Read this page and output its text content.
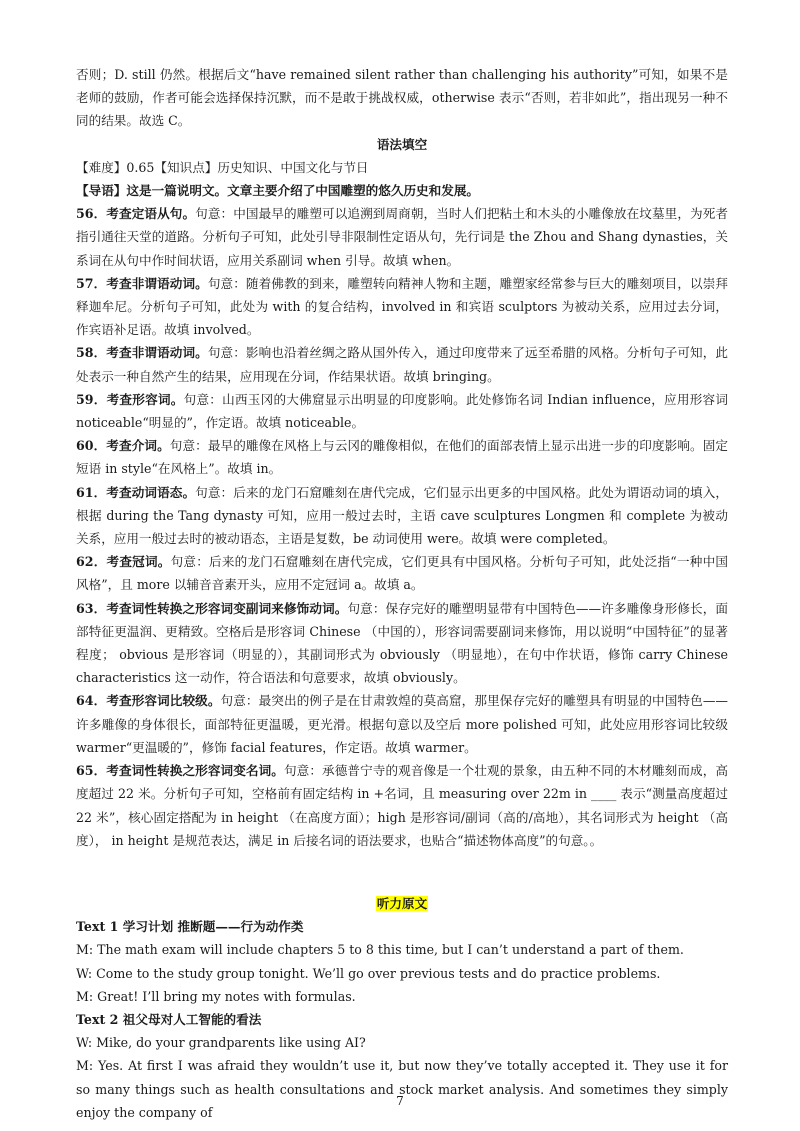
否则；D. still 仍然。根据后文“have remained silent rather than challenging his authority”可知，如果不是老师的鼓励，作者可能会选择保持沉默，而不是敢于挑战权威，otherwise 表示“否则，若非如此”，指出现另一种不同的结果。故选 C。

语法填空

【难度】0.65【知识点】历史知识、中国文化与节日

【导语】这是一篇说明文。文章主要介绍了中国雕塑的悠久历史和发展。

56．考查定语从句。句意：中国最早的雕塑可以追溯到周商朝，当时人们把粘土和木头的小雕像放在坟墓里，为死者指引通往天堂的道路。分析句子可知，此处引导非限制性定语从句，先行词是 the Zhou and Shang dynasties，关系词在从句中作时间状语，应用关系副词 when 引导。故填 when。

57．考查非谓语动词。句意：随着佛教的到来，雕塑转向精神人物和主题，雕塑家经常参与巨大的雕刻项目，以崇拜释迦牟尼。分析句子可知，此处为 with 的复合结构，involved in 和宾语 sculptors 为被动关系，应用过去分词，作宾语补足语。故填 involved。

58．考查非谓语动词。句意：影响也沿着丝绸之路从国外传入，通过印度带来了远至希腊的风格。分析句子可知，此处表示一种自然产生的结果，应用现在分词，作结果状语。故填 bringing。

59．考查形容词。句意：山西玉冈的大佛窟显示出明显的印度影响。此处修饰名词 Indian influence，应用形容词 noticeable“明显的”，作定语。故填 noticeable。

60．考查介词。句意：最早的雕像在风格上与云冈的雕像相似，在他们的面部表情上显示出进一步的印度影响。固定短语 in style“在风格上”。故填 in。

61．考查动词语态。句意：后来的龙门石窟雕刻在唐代完成，它们显示出更多的中国风格。此处为谓语动词的填入，根据 during the Tang dynasty 可知，应用一般过去时，主语 cave sculptures Longmen 和 complete 为被动关系，应用一般过去时的被动语态，主语是复数，be 动词使用 were。故填 were completed。

62．考查冠词。句意：后来的龙门石窟雕刻在唐代完成，它们更具有中国风格。分析句子可知，此处泛指“一种中国风格”，且 more 以辅音音素开头，应用不定冠词 a。故填 a。

63．考查词性转换之形容词变副词来修饰动词。句意：保存完好的雕塑明显带有中国特色——许多雕像身形修长，面部特征更温润、更精致。空格后是形容词 Chinese （中国的），形容词需要副词来修饰，用以说明“中国特征”的显著程度； obvious 是形容词（明显的），其副词形式为 obviously （明显地），在句中作状语，修饰 carry Chinese characteristics 这一动作，符合语法和句意要求，故填 obviously。

64．考查形容词比较级。句意：最突出的例子是在甘肃敦煌的莫高窟，那里保存完好的雕塑具有明显的中国特色——许多雕像的身体很长，面部特征更温暖，更光滑。根据句意以及空后 more polished 可知，此处应用形容词比较级 warmer“更温暖的”，修饰 facial features，作定语。故填 warmer。

65．考查词性转换之形容词变名词。句意：承德普宁寺的观音像是一个壮观的景象，由五种不同的木材雕刻而成，高度超过 22 米。分析句子可知，空格前有固定结构 in +名词，且 measuring over 22m in ____ 表示“测量高度超过 22 米”，核心固定搭配为 in height （在高度方面）；high 是形容词/副词（高的/高地），其名词形式为 height （高度）， in height 是规范表达，满足 in 后接名词的语法要求，也贴合“描述物体高度”的句意。。

听力原文

Text 1 学习计划 推断题——行为动作类

M: The math exam will include chapters 5 to 8 this time, but I can’t understand a part of them.

W: Come to the study group tonight. We’ll go over previous tests and do practice problems.

M: Great! I’ll bring my notes with formulas.

Text 2 祖父母对人工智能的看法

W: Mike, do your grandparents like using AI?

M: Yes. At first I was afraid they wouldn’t use it, but now they’ve totally accepted it. They use it for so many things such as health consultations and stock market analysis. And sometimes they simply enjoy the company of

7
